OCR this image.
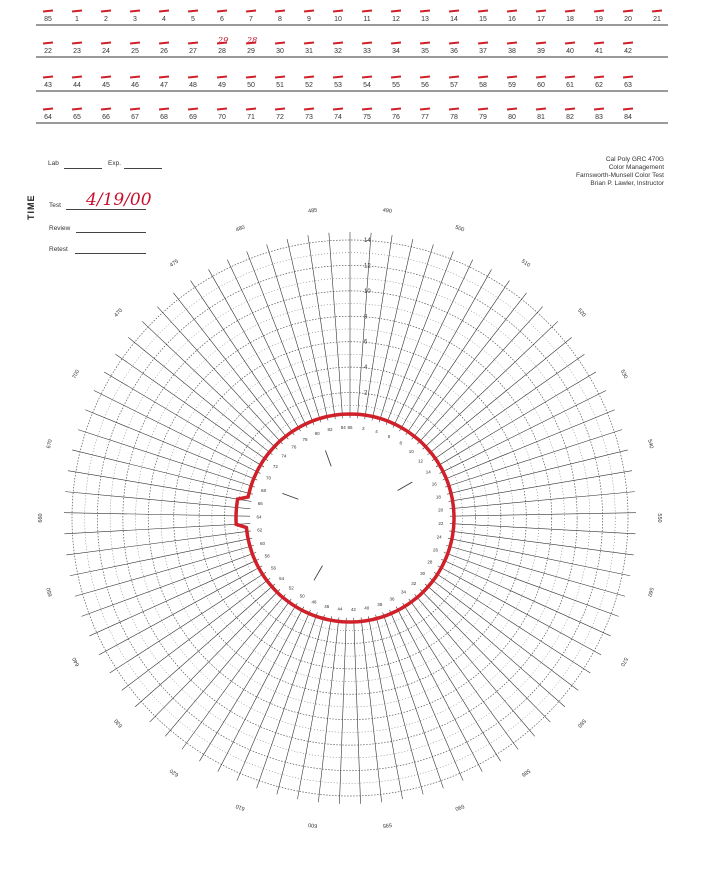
85	1	2	3	4	5	6	7	8	9	10	11	12	13	14	15	16	17	18	19	20	21
22	23	24	25	26	27	28	29	30	31	32	33	34	35	36	37	38	39	40	41	42
43	44	45	46	47	48	49	50	51	52	53	54	55	56	57	58	59	60	61	62	63
64	65	66	67	68	69	70	71	72	73	74	75	76	77	78	79	80	81	82	83	84
29 28
Lab	Exp.
Test 4/19/00
Review
Retest
TIME
Cal Poly GRC 470G
Color Management
Farnsworth-Munsell Color Test
Brian P. Lawler, Instructor
2
4
6
8
10
12
14
85 2
4
6
8
10
12
14
16
18
20
22
24
26
28
30
32
34
36
38
40
42
44
46
48
50
52
54
56
58
60
62
64
66
68
70
72
74
76
78
80
82 84
490
500
510
520
530
540
550
560
570
580
585
590
595
600
610
620
630
640
650
660
670
700
470
475
480
485
